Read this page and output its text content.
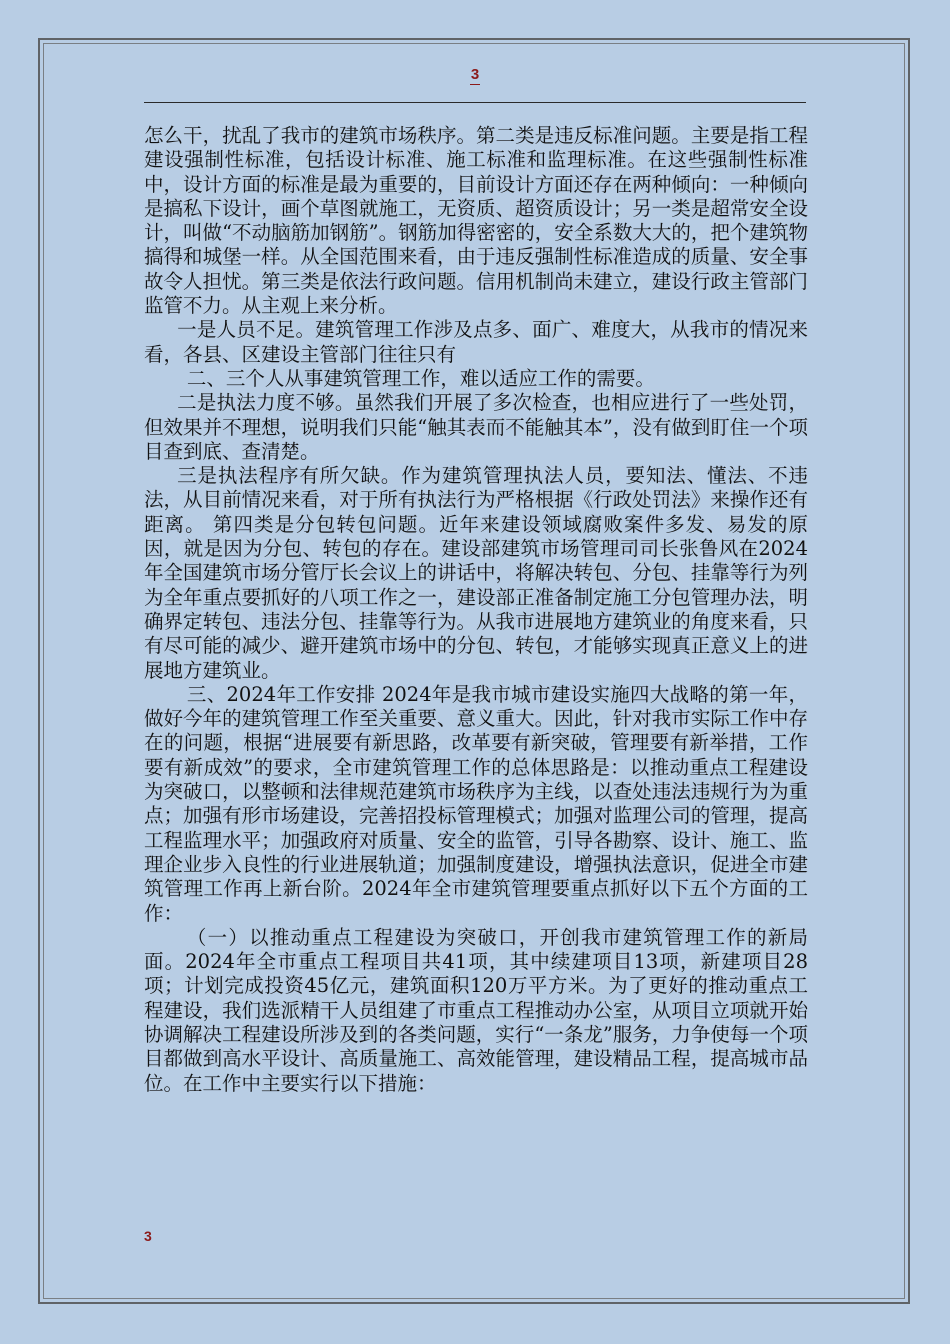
3

怎么干，扰乱了我市的建筑市场秩序。第二类是违反标准问题。主要是指工程建设强制性标准，包括设计标准、施工标准和监理标准。在这些强制性标准中，设计方面的标准是最为重要的，目前设计方面还存在两种倾向：一种倾向是搞私下设计，画个草图就施工，无资质、超资质设计；另一类是超常安全设计，叫做“不动脑筋加钢筋”。钢筋加得密密的，安全系数大大的，把个建筑物搞得和城堡一样。从全国范围来看，由于违反强制性标准造成的质量、安全事故令人担忧。第三类是依法行政问题。信用机制尚未建立，建设行政主管部门监管不力。从主观上来分析。

一是人员不足。建筑管理工作涉及点多、面广、难度大，从我市的情况来看，各县、区建设主管部门往往只有

二、三个人从事建筑管理工作，难以适应工作的需要。

二是执法力度不够。虽然我们开展了多次检查，也相应进行了一些处罚，但效果并不理想，说明我们只能“触其表而不能触其本”，没有做到盯住一个项目查到底、查清楚。

三是执法程序有所欠缺。作为建筑管理执法人员，要知法、懂法、不违法，从目前情况来看，对于所有执法行为严格根据《行政处罚法》来操作还有距离。 第四类是分包转包问题。近年来建设领域腐败案件多发、易发的原因，就是因为分包、转包的存在。建设部建筑市场管理司司长张鲁风在2024年全国建筑市场分管厅长会议上的讲话中，将解决转包、分包、挂靠等行为列为全年重点要抓好的八项工作之一，建设部正准备制定施工分包管理办法，明确界定转包、违法分包、挂靠等行为。从我市进展地方建筑业的角度来看，只有尽可能的减少、避开建筑市场中的分包、转包，才能够实现真正意义上的进展地方建筑业。

三、2024年工作安排 2024年是我市城市建设实施四大战略的第一年，做好今年的建筑管理工作至关重要、意义重大。因此，针对我市实际工作中存在的问题，根据“进展要有新思路，改革要有新突破，管理要有新举措，工作要有新成效”的要求，全市建筑管理工作的总体思路是：以推动重点工程建设为突破口，以整顿和法律规范建筑市场秩序为主线，以查处违法违规行为为重点；加强有形市场建设，完善招投标管理模式；加强对监理公司的管理，提高工程监理水平；加强政府对质量、安全的监管，引导各勘察、设计、施工、监理企业步入良性的行业进展轨道；加强制度建设，增强执法意识，促进全市建筑管理工作再上新台阶。2024年全市建筑管理要重点抓好以下五个方面的工作：

（一）以推动重点工程建设为突破口，开创我市建筑管理工作的新局面。2024年全市重点工程项目共41项，其中续建项目13项，新建项目28项；计划完成投资45亿元，建筑面积120万平方米。为了更好的推动重点工程建设，我们选派精干人员组建了市重点工程推动办公室，从项目立项就开始协调解决工程建设所涉及到的各类问题，实行“一条龙”服务，力争使每一个项目都做到高水平设计、高质量施工、高效能管理，建设精品工程，提高城市品位。在工作中主要实行以下措施：

3
